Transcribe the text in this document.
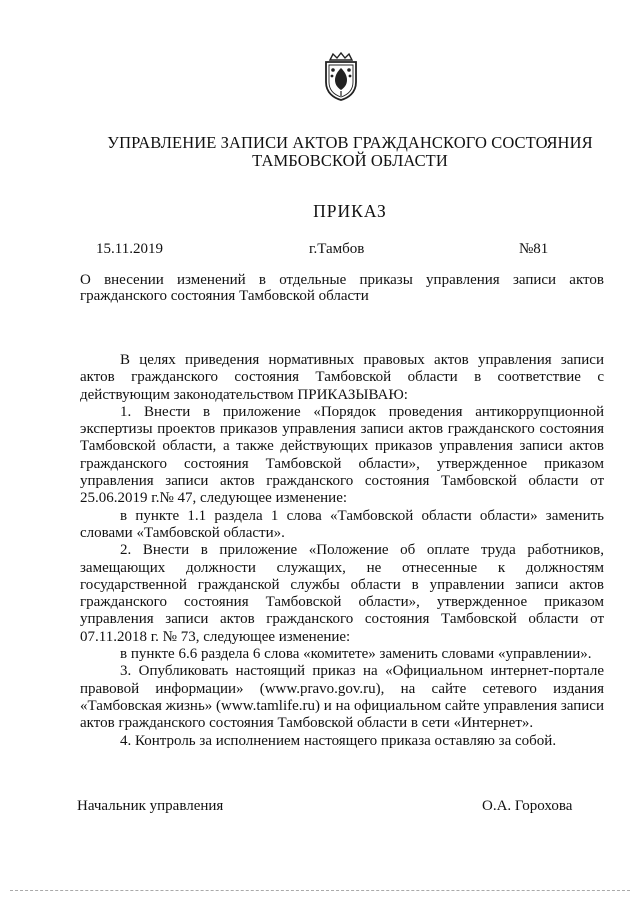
УПРАВЛЕНИЕ ЗАПИСИ АКТОВ ГРАЖДАНСКОГО СОСТОЯНИЯ
ТАМБОВСКОЙ ОБЛАСТИ
ПРИКАЗ
15.11.2019	г.Тамбов	№81
О внесении изменений в отдельные приказы управления записи актов гражданского состояния Тамбовской области

В целях приведения нормативных правовых актов управления записи актов гражданского состояния Тамбовской области в соответствие с действующим законодательством ПРИКАЗЫВАЮ:

1. Внести в приложение «Порядок проведения антикоррупционной экспертизы проектов приказов управления записи актов гражданского состояния Тамбовской области, а также действующих приказов управления записи актов гражданского состояния Тамбовской области», утвержденное приказом управления записи актов гражданского состояния Тамбовской области от 25.06.2019 г.№ 47, следующее изменение:

в пункте 1.1 раздела 1 слова «Тамбовской области области» заменить словами «Тамбовской области».

2. Внести в приложение «Положение об оплате труда работников, замещающих должности служащих, не отнесенные к должностям государственной гражданской службы области в управлении записи актов гражданского состояния Тамбовской области», утвержденное приказом управления записи актов гражданского состояния Тамбовской области от 07.11.2018 г. № 73, следующее изменение:

в пункте 6.6 раздела 6 слова «комитете» заменить словами «управлении».

3. Опубликовать настоящий приказ на «Официальном интернет-портале правовой информации» (www.pravo.gov.ru), на сайте сетевого издания «Тамбовская жизнь» (www.tamlife.ru) и на официальном сайте управления записи актов гражданского состояния Тамбовской области в сети «Интернет».

4. Контроль за исполнением настоящего приказа оставляю за собой.

Начальник управления	О.А. Горохова
